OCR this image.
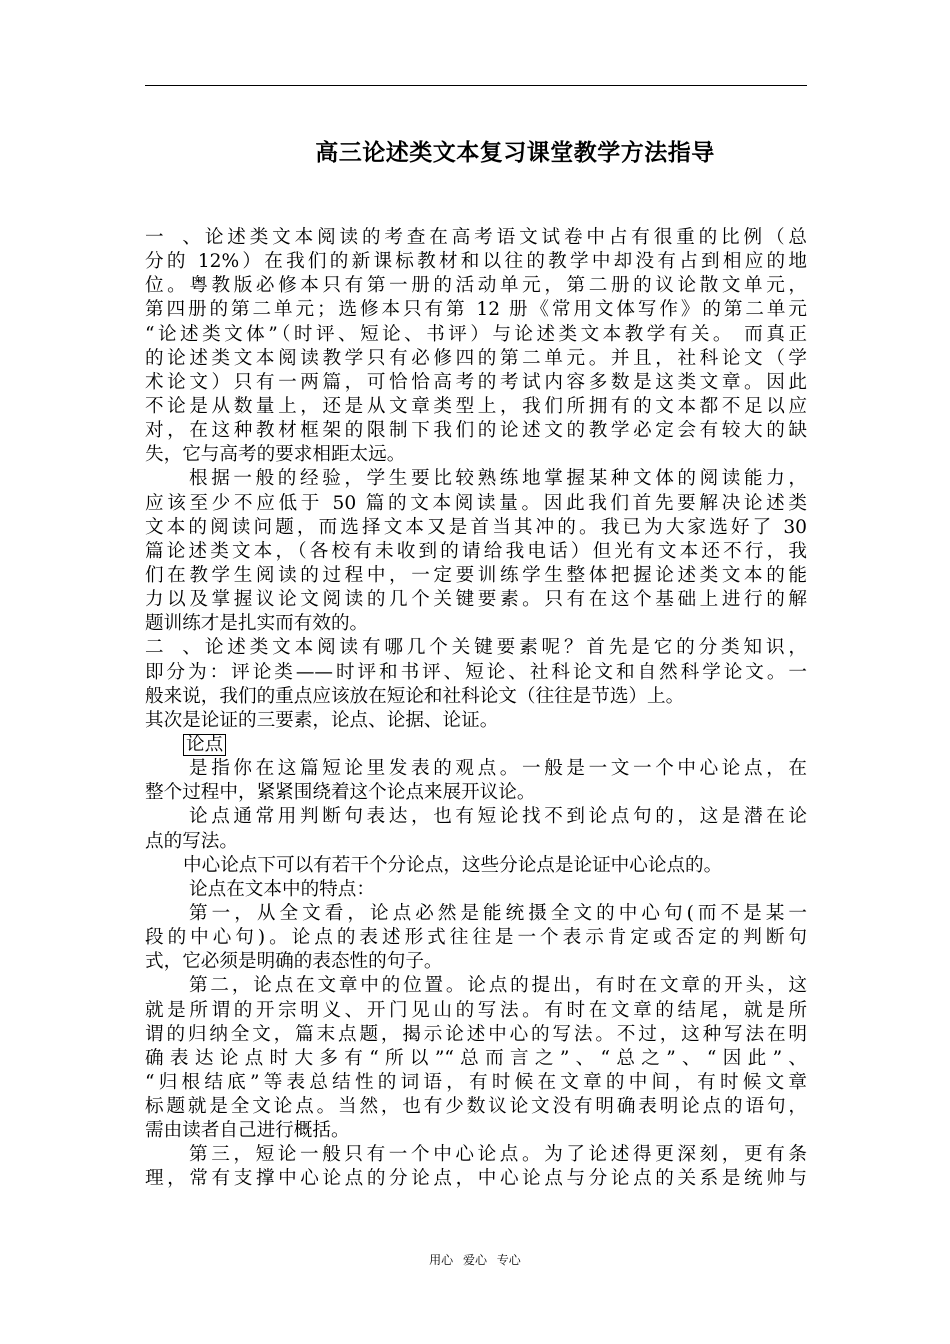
高三论述类文本复习课堂教学方法指导
一、论述类文本阅读的考查在高考语文试卷中占有很重的比例（总
分的 12%）在我们的新课标教材和以往的教学中却没有占到相应的地
位。粤教版必修本只有第一册的活动单元，第二册的议论散文单元，
第四册的第二单元；选修本只有第 12 册《常用文体写作》的第二单元
“论述类文体”（时评、短论、书评）与论述类文本教学有关。 而真正
的论述类文本阅读教学只有必修四的第二单元。并且，社科论文（学
术论文）只有一两篇，可恰恰高考的考试内容多数是这类文章。因此
不论是从数量上，还是从文章类型上，我们所拥有的文本都不足以应
对，在这种教材框架的限制下我们的论述文的教学必定会有较大的缺
失，它与高考的要求相距太远。
根据一般的经验，学生要比较熟练地掌握某种文体的阅读能力，
应该至少不应低于 50 篇的文本阅读量。因此我们首先要解决论述类
文本的阅读问题，而选择文本又是首当其冲的。我已为大家选好了 30
篇论述类文本，（各校有未收到的请给我电话）但光有文本还不行，我
们在教学生阅读的过程中，一定要训练学生整体把握论述类文本的能
力以及掌握议论文阅读的几个关键要素。只有在这个基础上进行的解
题训练才是扎实而有效的。
二、论述类文本阅读有哪几个关键要素呢？首先是它的分类知识，
即分为：评论类——时评和书评、短论、社科论文和自然科学论文。一
般来说，我们的重点应该放在短论和社科论文（往往是节选）上。
其次是论证的三要素，论点、论据、论证。
论点
是指你在这篇短论里发表的观点。一般是一文一个中心论点，在
整个过程中，紧紧围绕着这个论点来展开议论。
论点通常用判断句表达，也有短论找不到论点句的，这是潜在论
点的写法。
中心论点下可以有若干个分论点，这些分论点是论证中心论点的。
论点在文本中的特点：
第一，从全文看，论点必然是能统摄全文的中心句(而不是某一
段的中心句)。论点的表述形式往往是一个表示肯定或否定的判断句
式，它必须是明确的表态性的句子。
第二，论点在文章中的位置。论点的提出，有时在文章的开头，这
就是所谓的开宗明义、开门见山的写法。有时在文章的结尾，就是所
谓的归纳全文，篇末点题，揭示论述中心的写法。不过，这种写法在明
确表达论点时大多有“所以”“总而言之”、“总之”、“因此”、
“归根结底”等表总结性的词语，有时候在文章的中间，有时候文章
标题就是全文论点。当然，也有少数议论文没有明确表明论点的语句，
需由读者自己进行概括。
第三，短论一般只有一个中心论点。为了论述得更深刻，更有条
理，常有支撑中心论点的分论点，中心论点与分论点的关系是统帅与
用心 爱心 专心
